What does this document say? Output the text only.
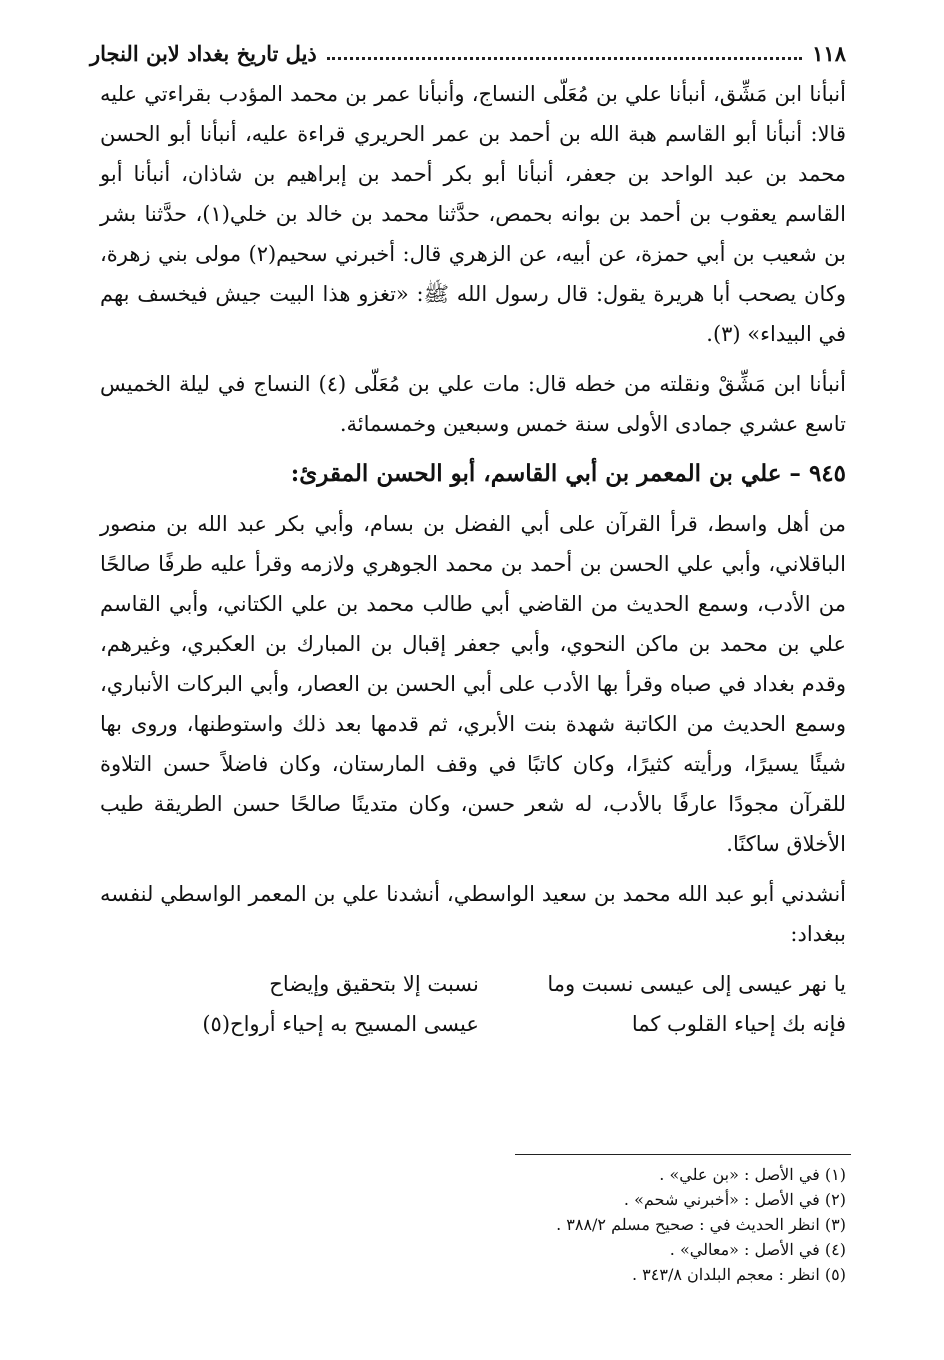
١١٨
ذيل تاريخ بغداد لابن النجار

أنبأنا ابن مَشِّق، أنبأنا علي بن مُعَلّى النساج، وأنبأنا عمر بن محمد المؤدب بقراءتي عليه قالا: أنبأنا أبو القاسم هبة الله بن أحمد بن عمر الحريري قراءة عليه، أنبأنا أبو الحسن محمد بن عبد الواحد بن جعفر، أنبأنا أبو بكر أحمد بن إبراهيم بن شاذان، أنبأنا أبو القاسم يعقوب بن أحمد بن بوانه بحمص، حدَّثنا محمد بن خالد بن خلي(١)، حدَّثنا بشر بن شعيب بن أبي حمزة، عن أبيه، عن الزهري قال: أخبرني سحيم(٢) مولى بني زهرة، وكان يصحب أبا هريرة يقول: قال رسول الله ﷺ: «تغزو هذا البيت جيش فيخسف بهم في البيداء» (٣).

أنبأنا ابن مَشِّقْ ونقلته من خطه قال: مات علي بن مُعَلّى (٤) النساج في ليلة الخميس تاسع عشري جمادى الأولى سنة خمس وسبعين وخمسمائة.

٩٤٥ – علي بن المعمر بن أبي القاسم، أبو الحسن المقرئ:

من أهل واسط، قرأ القرآن على أبي الفضل بن بسام، وأبي بكر عبد الله بن منصور الباقلاني، وأبي علي الحسن بن أحمد بن محمد الجوهري ولازمه وقرأ عليه طرفًا صالحًا من الأدب، وسمع الحديث من القاضي أبي طالب محمد بن علي الكتاني، وأبي القاسم علي بن محمد بن ماكن النحوي، وأبي جعفر إقبال بن المبارك بن العكبري، وغيرهم، وقدم بغداد في صباه وقرأ بها الأدب على أبي الحسن بن العصار، وأبي البركات الأنباري، وسمع الحديث من الكاتبة شهدة بنت الأبري، ثم قدمها بعد ذلك واستوطنها، وروى بها شيئًا يسيرًا، ورأيته كثيرًا، وكان كاتبًا في وقف المارستان، وكان فاضلاً حسن التلاوة للقرآن مجودًا عارفًا بالأدب، له شعر حسن، وكان متدينًا صالحًا حسن الطريقة طيب الأخلاق ساكنًا.

أنشدني أبو عبد الله محمد بن سعيد الواسطي، أنشدنا علي بن المعمر الواسطي لنفسه ببغداد:

يا نهر عيسى إلى عيسى نسبت وما
نسبت إلا بتحقيق وإيضاح
فإنه بك إحياء القلوب كما
عيسى المسيح به إحياء أرواح(٥)
(١) في الأصل : «بن علي» .
(٢) في الأصل : «أخبرني شحم» .
(٣) انظر الحديث في : صحيح مسلم ٣٨٨/٢ .
(٤) في الأصل : «معالي» .
(٥) انظر : معجم البلدان ٣٤٣/٨ .
